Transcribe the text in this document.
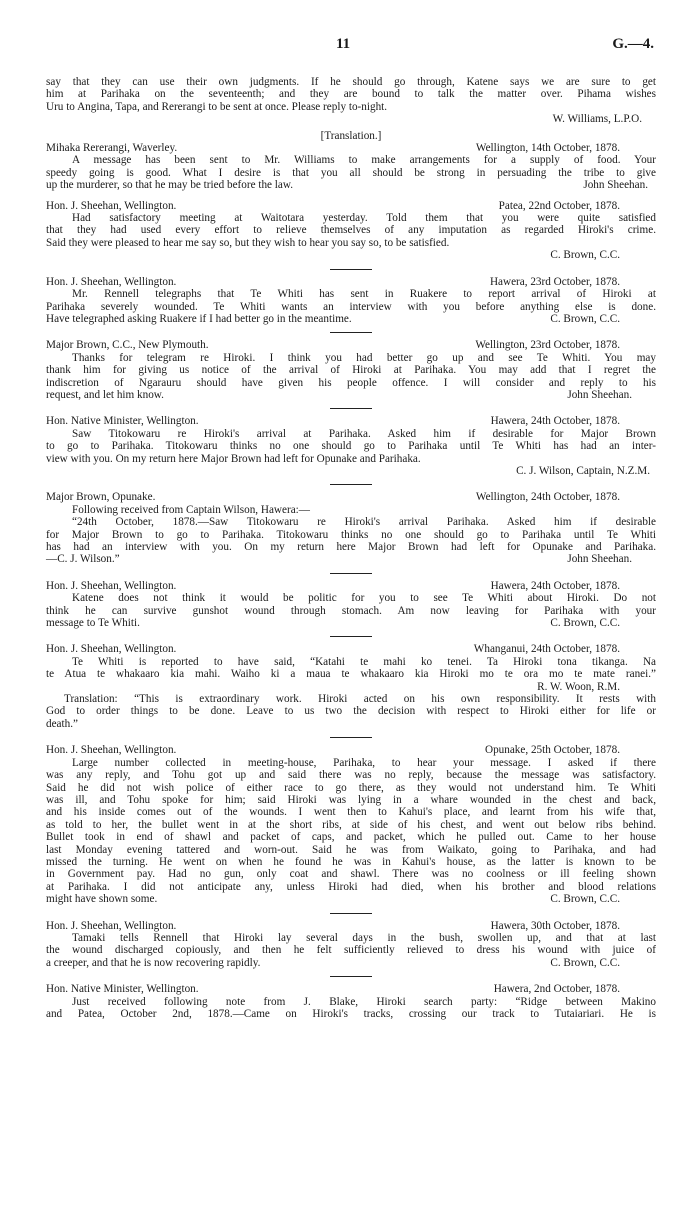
11	G.—4.

say that they can use their own judgments. If he should go through, Katene says we are sure to get

him at Parihaka on the seventeenth; and they are bound to talk the matter over. Pihama wishes

Uru to Angina, Tapa, and Rererangi to be sent at once. Please reply to-night.

W. Williams, L.P.O.

[Translation.]

Mihaka Rererangi, Waverley.	Wellington, 14th October, 1878.

A message has been sent to Mr. Williams to make arrangements for a supply of food. Your

speedy going is good. What I desire is that you all should be strong in persuading the tribe to give

up the murderer, so that he may be tried before the law.	John Sheehan.

Hon. J. Sheehan, Wellington.	Patea, 22nd October, 1878.

Had satisfactory meeting at Waitotara yesterday. Told them that you were quite satisfied

that they had used every effort to relieve themselves of any imputation as regarded Hiroki's crime.

Said they were pleased to hear me say so, but they wish to hear you say so, to be satisfied.

C. Brown, C.C.

Hon. J. Sheehan, Wellington.	Hawera, 23rd October, 1878.

Mr. Rennell telegraphs that Te Whiti has sent in Ruakere to report arrival of Hiroki at

Parihaka severely wounded. Te Whiti wants an interview with you before anything else is done.

Have telegraphed asking Ruakere if I had better go in the meantime.	C. Brown, C.C.

Major Brown, C.C., New Plymouth.	Wellington, 23rd October, 1878.

Thanks for telegram re Hiroki. I think you had better go up and see Te Whiti. You may

thank him for giving us notice of the arrival of Hiroki at Parihaka. You may add that I regret the

indiscretion of Ngarauru should have given his people offence. I will consider and reply to his

request, and let him know.	John Sheehan.

Hon. Native Minister, Wellington.	Hawera, 24th October, 1878.

Saw Titokowaru re Hiroki's arrival at Parihaka. Asked him if desirable for Major Brown

to go to Parihaka. Titokowaru thinks no one should go to Parihaka until Te Whiti has had an inter-

view with you. On my return here Major Brown had left for Opunake and Parihaka.

C. J. Wilson, Captain, N.Z.M.

Major Brown, Opunake.	Wellington, 24th October, 1878.

Following received from Captain Wilson, Hawera:—

“24th October, 1878.—Saw Titokowaru re Hiroki's arrival Parihaka. Asked him if desirable

for Major Brown to go to Parihaka. Titokowaru thinks no one should go to Parihaka until Te Whiti

has had an interview with you. On my return here Major Brown had left for Opunake and Parihaka.

—C. J. Wilson.”	John Sheehan.

Hon. J. Sheehan, Wellington.	Hawera, 24th October, 1878.

Katene does not think it would be politic for you to see Te Whiti about Hiroki. Do not

think he can survive gunshot wound through stomach. Am now leaving for Parihaka with your

message to Te Whiti.	C. Brown, C.C.

Hon. J. Sheehan, Wellington.	Whanganui, 24th October, 1878.

Te Whiti is reported to have said, “Katahi te mahi ko tenei. Ta Hiroki tona tikanga. Na

te Atua te whakaaro kia mahi. Waiho ki a maua te whakaaro kia Hiroki mo te ora mo te mate ranei.”

R. W. Woon, R.M.

Translation: “This is extraordinary work. Hiroki acted on his own responsibility. It rests with

God to order things to be done. Leave to us two the decision with respect to Hiroki either for life or

death.”

Hon. J. Sheehan, Wellington.	Opunake, 25th October, 1878.

Large number collected in meeting-house, Parihaka, to hear your message. I asked if there

was any reply, and Tohu got up and said there was no reply, because the message was satisfactory.

Said he did not wish police of either race to go there, as they would not understand him. Te Whiti

was ill, and Tohu spoke for him; said Hiroki was lying in a whare wounded in the chest and back,

and his inside comes out of the wounds. I went then to Kahui's place, and learnt from his wife that,

as told to her, the bullet went in at the short ribs, at side of his chest, and went out below ribs behind.

Bullet took in end of shawl and packet of caps, and packet, which he pulled out. Came to her house

last Monday evening tattered and worn-out. Said he was from Waikato, going to Parihaka, and had

missed the turning. He went on when he found he was in Kahui's house, as the latter is known to be

in Government pay. Had no gun, only coat and shawl. There was no coolness or ill feeling shown

at Parihaka. I did not anticipate any, unless Hiroki had died, when his brother and blood relations

might have shown some.	C. Brown, C.C.

Hon. J. Sheehan, Wellington.	Hawera, 30th October, 1878.

Tamaki tells Rennell that Hiroki lay several days in the bush, swollen up, and that at last

the wound discharged copiously, and then he felt sufficiently relieved to dress his wound with juice of

a creeper, and that he is now recovering rapidly.	C. Brown, C.C.

Hon. Native Minister, Wellington.	Hawera, 2nd October, 1878.

Just received following note from J. Blake, Hiroki search party: “Ridge between Makino

and Patea, October 2nd, 1878.—Came on Hiroki's tracks, crossing our track to Tutaiariari. He is
